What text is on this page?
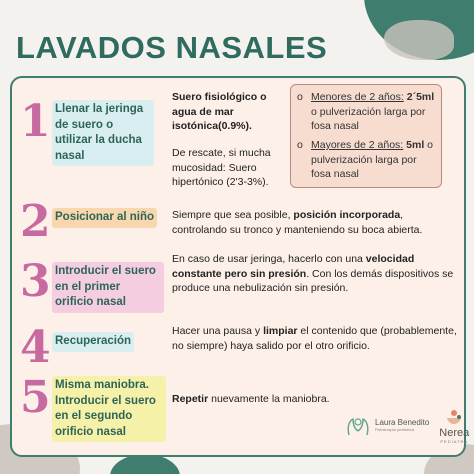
LAVADOS NASALES
1 Llenar la jeringa de suero o utilizar la ducha nasal
Suero fisiológico o agua de mar isotónica(0.9%).
De rescate, si mucha mucosidad: Suero hipertónico (2'3-3%).
2 Posicionar al niño Siempre que sea posible, posición incorporada, controlando su tronco y manteniendo su boca abierta.
3 Introducir el suero en el primer orificio nasal
En caso de usar jeringa, hacerlo con una velocidad constante pero sin presión. Con los demás dispositivos se produce una nebulización sin presión.
4 Recuperación
Hacer una pausa y limpiar el contenido que (probablemente, no siempre) haya salido por el otro orificio.
5 Misma maniobra. Introducir el suero en el segundo orificio nasal
Repetir nuevamente la maniobra.
o Menores de 2 años: 2´5ml o pulverización larga por fosa nasal
o Mayores de 2 años: 5ml o pulverización larga por fosa nasal
Laura Benedito
Fisioterapia pediátrica	Nerea
PEDIATRA
